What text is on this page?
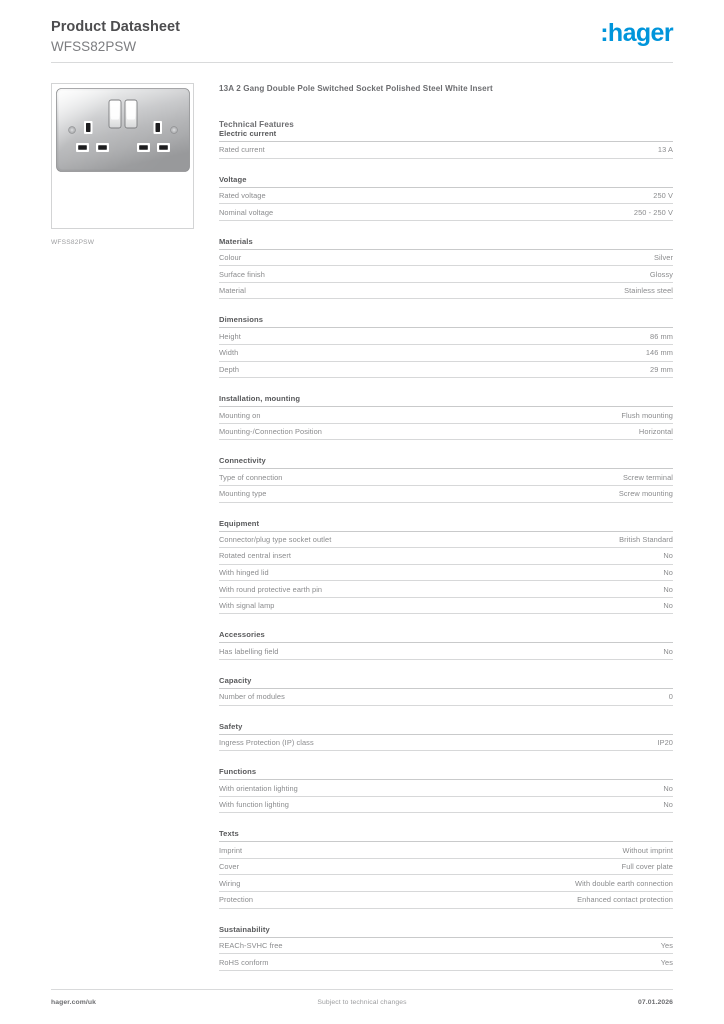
Product Datasheet
WFSS82PSW	:hager
WFSS82PSW
13A 2 Gang Double Pole Switched Socket Polished Steel White Insert
Technical Features
Electric current
Rated current	13 A
Voltage
Rated voltage	250 V
Nominal voltage	250 - 250 V
Materials
Colour	Silver
Surface finish	Glossy
Material	Stainless steel
Dimensions
Height	86 mm
Width	146 mm
Depth	29 mm
Installation, mounting
Mounting on	Flush mounting
Mounting-/Connection Position	Horizontal
Connectivity
Type of connection	Screw terminal
Mounting type	Screw mounting
Equipment
Connector/plug type socket outlet	British Standard
Rotated central insert	No
With hinged lid	No
With round protective earth pin	No
With signal lamp	No
Accessories
Has labelling field	No
Capacity
Number of modules	0
Safety
Ingress Protection (IP) class	IP20
Functions
With orientation lighting	No
With function lighting	No
Texts
Imprint	Without imprint
Cover	Full cover plate
Wiring	With double earth connection
Protection	Enhanced contact protection
Sustainability
REACh-SVHC free	Yes
RoHS conform	Yes
hager.com/uk	Subject to technical changes	07.01.2026
